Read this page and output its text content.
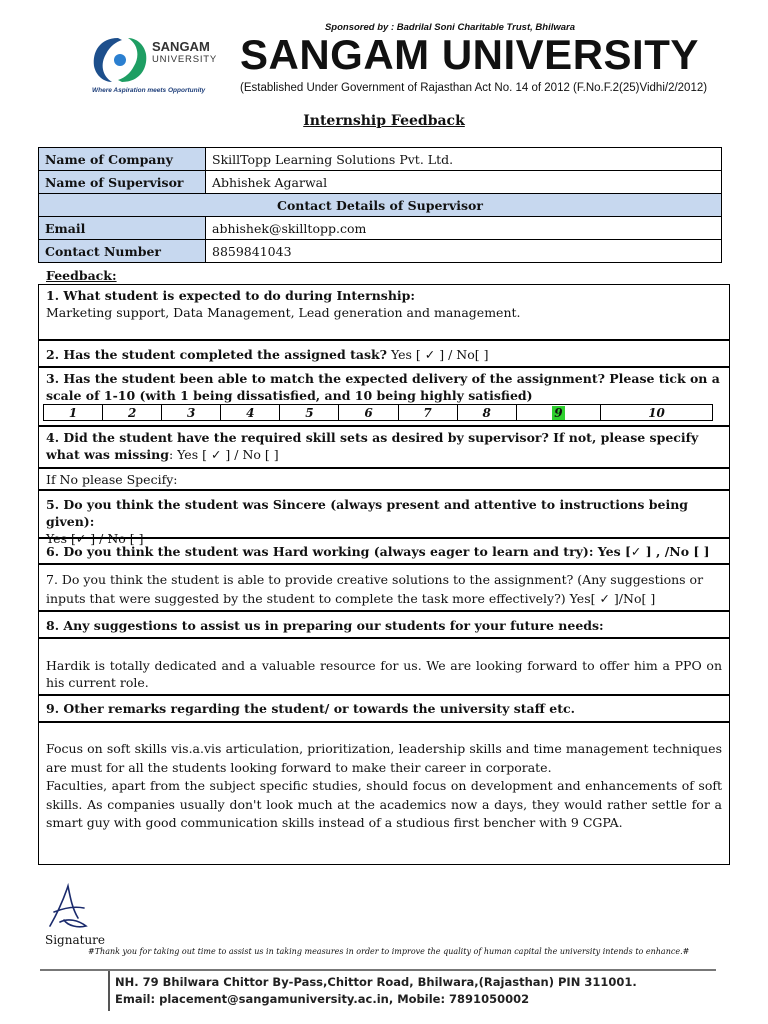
Sponsored by : Badrilal Soni Charitable Trust, Bhilwara
SANGAM
UNIVERSITY
Where Aspiration meets Opportunity
SANGAM UNIVERSITY
(Established Under Government of Rajasthan Act No. 14 of 2012 (F.No.F.2(25)Vidhi/2/2012)
Internship Feedback
Name of Company	SkillTopp Learning Solutions Pvt. Ltd.
Name of Supervisor	Abhishek Agarwal
Contact Details of Supervisor	
Email	abhishek@skilltopp.com
Contact Number	8859841043
Feedback:
1. What student is expected to do during Internship:
Marketing support, Data Management, Lead generation and management.
2. Has the student completed the assigned task? Yes [ ✓ ] / No[ ]
3. Has the student been able to match the expected delivery of the assignment? Please tick on a scale of 1-10 (with 1 being dissatisfied, and 10 being highly satisfied)
1	2	3	4	5	6	7	8	9	10
4. Did the student have the required skill sets as desired by supervisor? If not, please specify what was missing: Yes [ ✓ ] / No [ ]
If No please Specify:
5. Do you think the student was Sincere (always present and attentive to instructions being given):
Yes [✓ ] / No [ ]
6. Do you think the student was Hard working (always eager to learn and try): Yes [✓ ] , /No [ ]
7. Do you think the student is able to provide creative solutions to the assignment? (Any suggestions or inputs that were suggested by the student to complete the task more effectively?) Yes[ ✓ ]/No[ ]
8. Any suggestions to assist us in preparing our students for your future needs:
Hardik is totally dedicated and a valuable resource for us. We are looking forward to offer him a PPO on his current role.
9. Other remarks regarding the student/ or towards the university staff etc.
Focus on soft skills vis.a.vis articulation, prioritization, leadership skills and time management techniques are must for all the students looking forward to make their career in corporate.
Faculties, apart from the subject specific studies, should focus on development and enhancements of soft skills. As companies usually don't look much at the academics now a days, they would rather settle for a smart guy with good communication skills instead of a studious first bencher with 9 CGPA.
Signature
#Thank you for taking out time to assist us in taking measures in order to improve the quality of human capital the university intends to enhance.#
NH. 79 Bhilwara Chittor By-Pass,Chittor Road, Bhilwara,(Rajasthan) PIN 311001.
Email: placement@sangamuniversity.ac.in, Mobile: 7891050002
